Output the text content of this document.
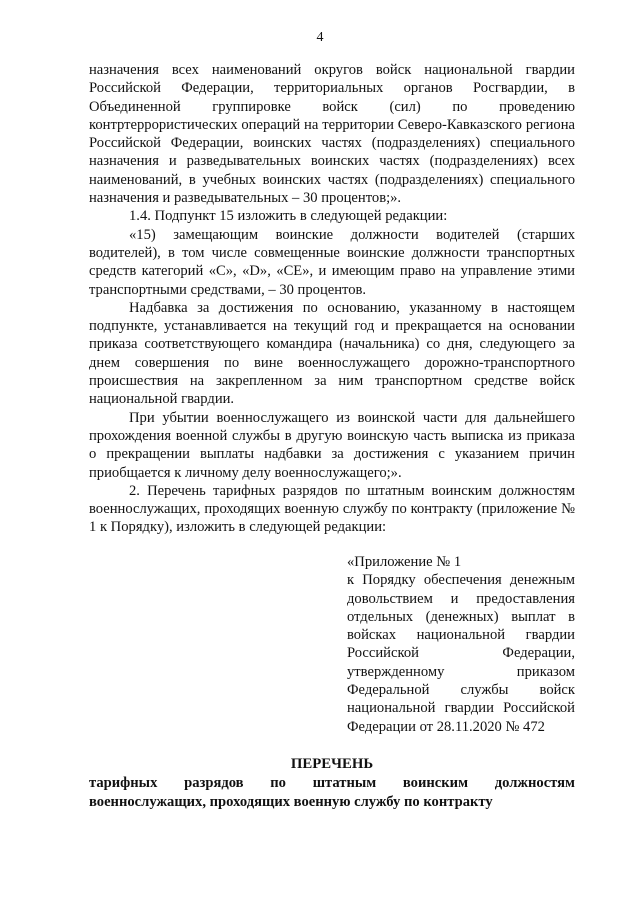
4

назначения всех наименований округов войск национальной гвардии Российской Федерации, территориальных органов Росгвардии, в Объединенной группировке войск (сил) по проведению контртеррористических операций на территории Северо-Кавказского региона Российской Федерации, воинских частях (подразделениях) специального назначения и разведывательных воинских частях (подразделениях) всех наименований, в учебных воинских частях (подразделениях) специального назначения и разведывательных – 30 процентов;».

1.4. Подпункт 15 изложить в следующей редакции:

«15) замещающим воинские должности водителей (старших водителей), в том числе совмещенные воинские должности транспортных средств категорий «C», «D», «CE», и имеющим право на управление этими транспортными средствами, – 30 процентов.

Надбавка за достижения по основанию, указанному в настоящем подпункте, устанавливается на текущий год и прекращается на основании приказа соответствующего командира (начальника) со дня, следующего за днем совершения по вине военнослужащего дорожно-транспортного происшествия на закрепленном за ним транспортном средстве войск национальной гвардии.

При убытии военнослужащего из воинской части для дальнейшего прохождения военной службы в другую воинскую часть выписка из приказа о прекращении выплаты надбавки за достижения с указанием причин приобщается к личному делу военнослужащего;».

2. Перечень тарифных разрядов по штатным воинским должностям военнослужащих, проходящих военную службу по контракту (приложение № 1 к Порядку), изложить в следующей редакции:

«Приложение № 1

к Порядку обеспечения денежным довольствием и предоставления отдельных (денежных) выплат в войсках национальной гвардии Российской Федерации, утвержденному приказом Федеральной службы войск национальной гвардии Российской Федерации от 28.11.2020 № 472

ПЕРЕЧЕНЬ
тарифных разрядов по штатным воинским должностям военнослужащих, проходящих военную службу по контракту
